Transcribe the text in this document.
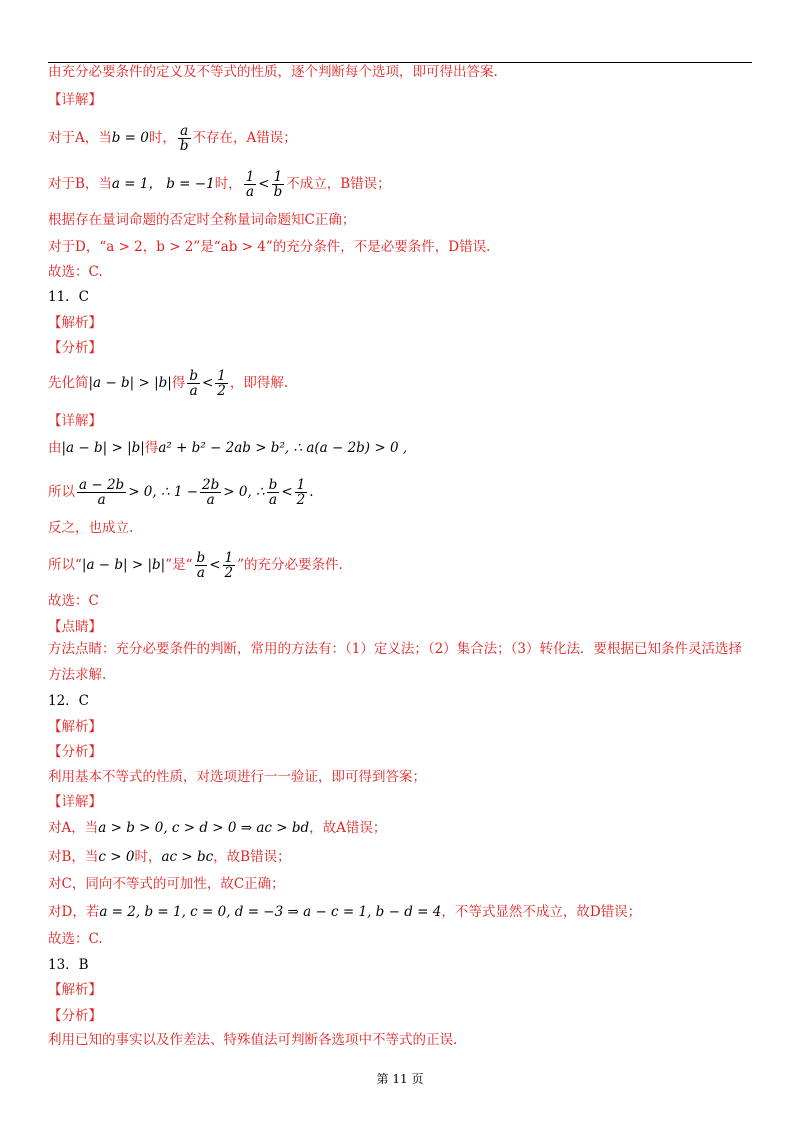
由充分必要条件的定义及不等式的性质，逐个判断每个选项，即可得出答案.
【详解】
对于A，当b = 0时， $\frac{a}{b}$ 不存在，A错误；
对于B，当a = 1， b = −1时， $\frac{1}{a} < \frac{1}{b}$ 不成立，B错误；
根据存在量词命题的否定时全称量词命题知C正确；
对于D，“a > 2，b > 2”是“ab > 4”的充分条件，不是必要条件，D错误.
故选：C.
11．C
【解析】
【分析】
先化简|a − b| > |b|得 $\frac{b}{a} < \frac{1}{2}$ ，即得解.
【详解】
由|a − b| > |b|得a² + b² − 2ab > b², ∴ a(a − 2b) > 0 ,
所以 $\frac{a - 2b}{a} > 0$, ∴ $1 - \frac{2b}{a} > 0$, ∴ $\frac{b}{a} < \frac{1}{2}$ .
反之，也成立.
所以“|a − b| > |b|”是“ $\frac{b}{a} < \frac{1}{2}$ ”的充分必要条件.
故选：C
【点睛】
方法点睛：充分必要条件的判断，常用的方法有：（1）定义法；（2）集合法；（3）转化法．要根据已知条件灵活选择方法求解.
12．C
【解析】
【分析】
利用基本不等式的性质，对选项进行一一验证，即可得到答案；
【详解】
对A，当a > b > 0, c > d > 0 ⇒ ac > bd，故A错误；
对B，当c > 0时，ac > bc，故B错误；
对C，同向不等式的可加性，故C正确；
对D，若a = 2, b = 1, c = 0, d = −3 ⇒ a − c = 1, b − d = 4，不等式显然不成立，故D错误；
故选：C.
13．B
【解析】
【分析】
利用已知的事实以及作差法、特殊值法可判断各选项中不等式的正误.
第 11 页
